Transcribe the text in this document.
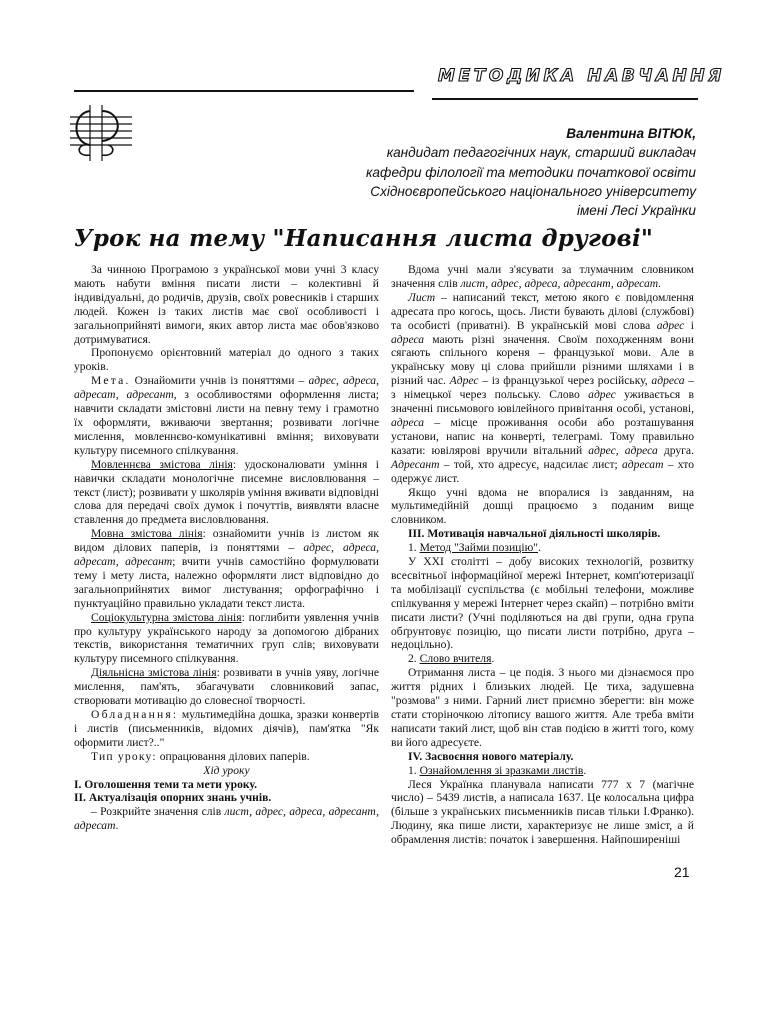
МЕТОДИКА НАВЧАННЯ
Валентина ВІТЮК,
кандидат педагогічних наук, старший викладач
кафедри філології та методики початкової освіти
Східноєвропейського національного університету
імені Лесі Українки
Урок на тему "Написання листа другові"

За чинною Програмою з української мови учні 3 класу мають набути вміння писати листи – колективні й індивідуальні, до родичів, друзів, своїх ровесників і старших людей. Кожен із таких листів має свої особливості і загальноприйняті вимоги, яких автор листа має обов'язково дотримуватися.

Пропонуємо орієнтовний матеріал до одного з таких уроків.

Мета. Ознайомити учнів із поняттями – адрес, адреса, адресат, адресант, з особливостями оформлення листа; навчити складати змістовні листи на певну тему і грамотно їх оформляти, вживаючи звертання; розвивати логічне мислення, мовленнєво-комунікативні вміння; виховувати культуру писемного спілкування.

Мовленнєва змістова лінія: удосконалювати уміння і навички складати монологічне писемне висловлювання – текст (лист); розвивати у школярів уміння вживати відповідні слова для передачі своїх думок і почуттів, виявляти власне ставлення до предмета висловлювання.

Мовна змістова лінія: ознайомити учнів із листом як видом ділових паперів, із поняттями – адрес, адреса, адресат, адресант; вчити учнів самостійно формулювати тему і мету листа, належно оформляти лист відповідно до загальноприйнятих вимог листування; орфографічно і пунктуаційно правильно укладати текст листа.

Соціокультурна змістова лінія: поглибити уявлення учнів про культуру українського народу за допомогою дібраних текстів, використання тематичних груп слів; виховувати культуру писемного спілкування.

Діяльнісна змістова лінія: розвивати в учнів уяву, логічне мислення, пам'ять, збагачувати словниковий запас, створювати мотивацію до словесної творчості.

Обладнання: мультимедійна дошка, зразки конвертів і листів (письменників, відомих діячів), пам'ятка "Як оформити лист?.."

Тип уроку: опрацювання ділових паперів.

Хід уроку

I. Оголошення теми та мети уроку.

II. Актуалізація опорних знань учнів.

– Розкрийте значення слів лист, адрес, адреса, адресант, адресат.

Вдома учні мали з'ясувати за тлумачним словником значення слів лист, адрес, адреса, адресант, адресат.

Лист – написаний текст, метою якого є повідомлення адресата про когось, щось. Листи бувають ділові (службові) та особисті (приватні). В українській мові слова адрес і адреса мають різні значення. Своїм походженням вони сягають спільного кореня – французької мови. Але в українську мову ці слова прийшли різними шляхами і в різний час. Адрес – із французької через російську, адреса – з німецької через польську. Слово адрес уживається в значенні письмового ювілейного привітання особі, установі, адреса – місце проживання особи або розташування установи, напис на конверті, телеграмі. Тому правильно казати: ювілярові вручили вітальний адрес, адреса друга. Адресант – той, хто адресує, надсилає лист; адресат – хто одержує лист.

Якщо учні вдома не впоралися із завданням, на мультимедійній дошці працюємо з поданим вище словником.

III. Мотивація навчальної діяльності школярів.

1. Метод "Займи позицію".

У XXI столітті – добу високих технологій, розвитку всесвітньої інформаційної мережі Інтернет, комп'ютеризації та мобілізації суспільства (є мобільні телефони, можливе спілкування у мережі Інтернет через скайп) – потрібно вміти писати листи? (Учні поділяються на дві групи, одна група обґрунтовує позицію, що писати листи потрібно, друга – недоцільно).

2. Слово вчителя.

Отримання листа – це подія. З нього ми дізнаємося про життя рідних і близьких людей. Це тиха, задушевна "розмова" з ними. Гарний лист приємно зберегти: він може стати сторіночкою літопису вашого життя. Але треба вміти написати такий лист, щоб він став подією в житті того, кому ви його адресуєте.

IV. Засвоєння нового матеріалу.

1. Ознайомлення зі зразками листів.

Леся Українка планувала написати 777 х 7 (магічне число) – 5439 листів, а написала 1637. Це колосальна цифра (більше з українських письменників писав тільки І.Франко). Людину, яка пише листи, характеризує не лише зміст, а й обрамлення листів: початок і завершення. Найпоширеніші

21
